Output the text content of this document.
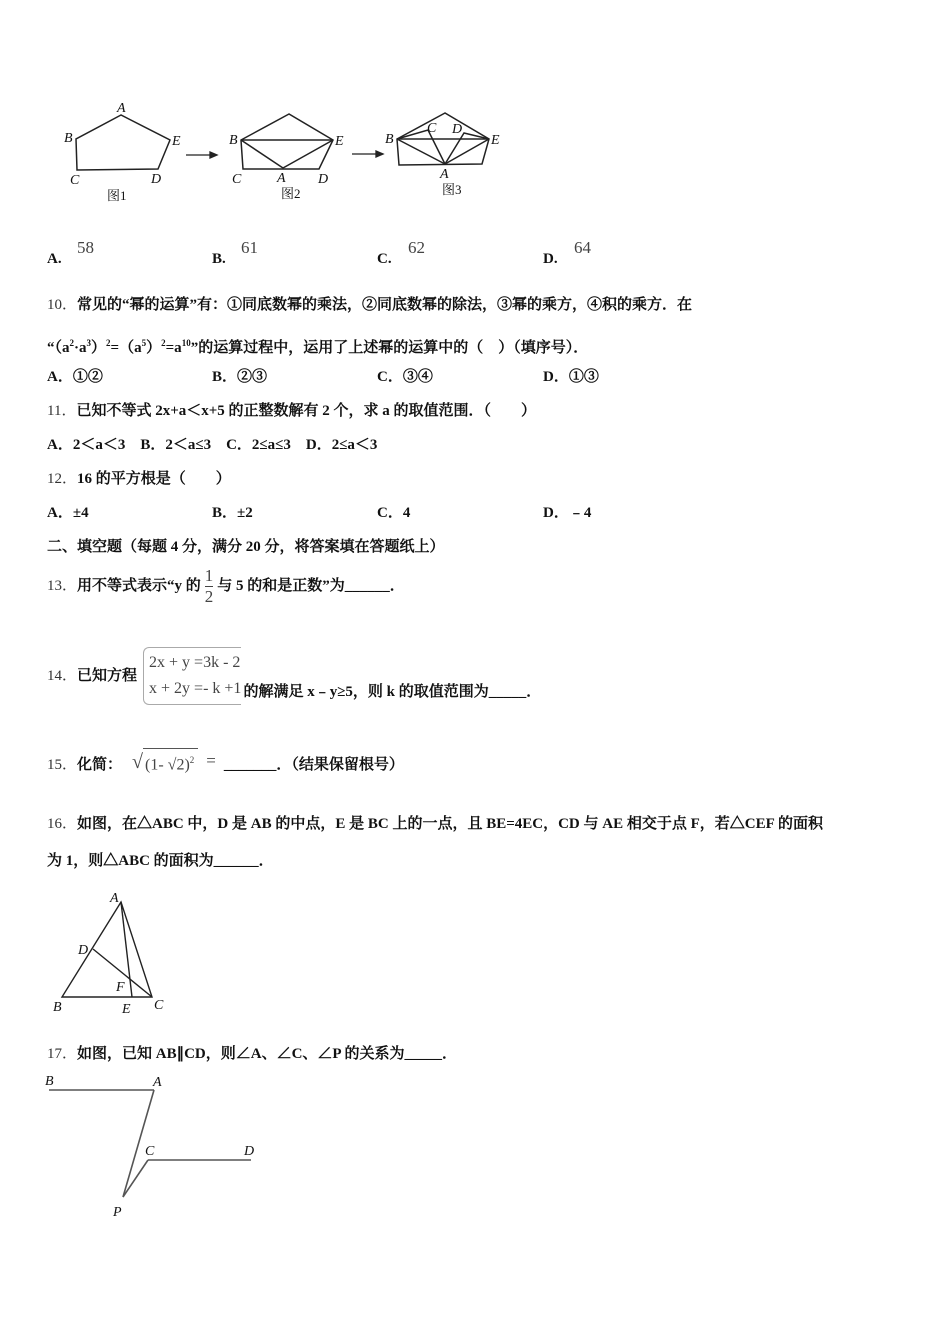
A
B
C	D
E
图1
B	E
C	A D
图2
B
C D
E
A
图3
A
D
F
B	E C
B	A
C	D
P
A.
58
B.
61
C.
62
D.
64
10．常见的“幂的运算”有：①同底数幂的乘法，②同底数幂的除法，③幂的乘方，④积的乘方．在
“$(a^2\cdot a^3)^2=(a^5)^2=a^{10}$”的运算过程中，运用了上述幂的运算中的（　）（填序号）．
A．①②	B．②③	C．③④	D．①③
11．已知不等式 2x+a＜x+5 的正整数解有 2 个，求 a 的取值范围．（　　）
A．2＜a＜3　B．2＜a≤3　C．2≤a≤3　D．2≤a＜3
12．16 的平方根是（　　）
A．±4	B．±2	C．4	D．﹣4
二、填空题（每题 4 分，满分 20 分，将答案填在答题纸上）
13． 用不等式表示“y 的 $\frac{1}{2}$ 与 5 的和是正数”为______．
14． 已知方程
2x + y =3k - 2
x + 2y =- k +1 的解满足 x﹣y≥5，则 k 的取值范围为_____．
15． 化简： √ (1- √2)$^2$ = _______．（结果保留根号）
16．如图，在△ABC 中，D 是 AB 的中点，E 是 BC 上的一点，且 BE=4EC，CD 与 AE 相交于点 F，若△CEF 的面积
为 1，则△ABC 的面积为______．
17．如图，已知 AB∥CD，则∠A、∠C、∠P 的关系为_____．
